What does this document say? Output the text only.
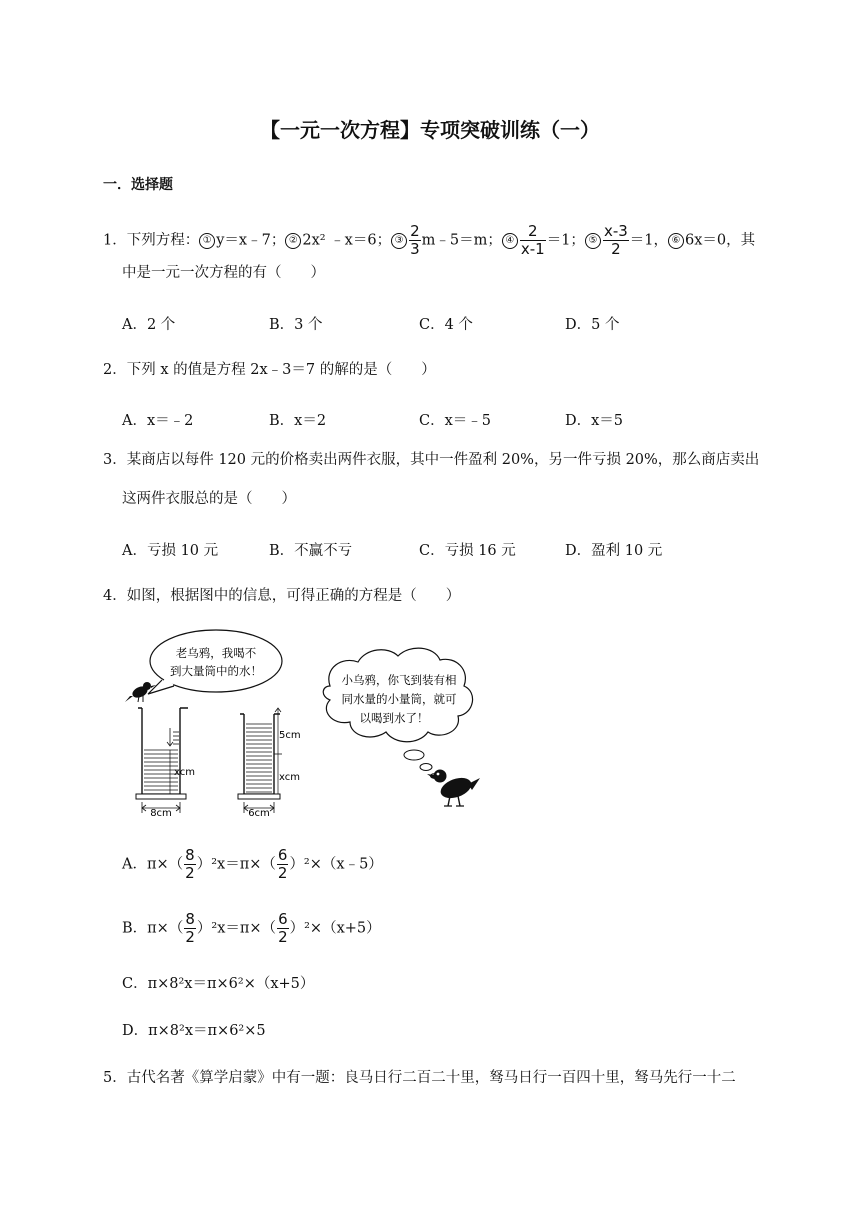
【一元一次方程】专项突破训练（一）
一．选择题
1．下列方程： ① y＝x﹣7； ② 2x² ﹣x＝6； ③ $\frac{2}{3}$ m﹣5＝m； ④ $\frac{2}{x-1} =1$； ⑤ $\frac{x-3}{2} =1$， ⑥ 6x＝0，其
中是一元一次方程的有（　　）
A．2 个	B．3 个	C．4 个	D．5 个
2．下列 x 的值是方程 2x﹣3＝7 的解的是（　　）
A．x＝﹣2	B．x＝2	C．x＝﹣5	D．x＝5
3．某商店以每件 120 元的价格卖出两件衣服，其中一件盈利 20%，另一件亏损 20%，那么商店卖出
这两件衣服总的是（　　）
A．亏损 10 元	B．不赢不亏	C．亏损 16 元	D．盈利 10 元
4．如图，根据图中的信息，可得正确的方程是（　　）
老乌鸦，我喝不
到大量筒中的水！
xcm
8cm
5cm
xcm
6cm
小乌鸦，你飞到装有相
同水量的小量筒，就可
以喝到水了！
A．$\pi\times( \frac{8}{2} )^2x=\pi\times( \frac{6}{2}$ ）²×（x﹣5）
B．$\pi\times( \frac{8}{2} )^2x=\pi\times( \frac{6}{2} )^2\times(x+5)$
C．π×8²x＝π×6²×（x+5）
D．π×8²x＝π×6²×5
5．古代名著《算学启蒙》中有一题：良马日行二百二十里，驽马日行一百四十里，驽马先行一十二
